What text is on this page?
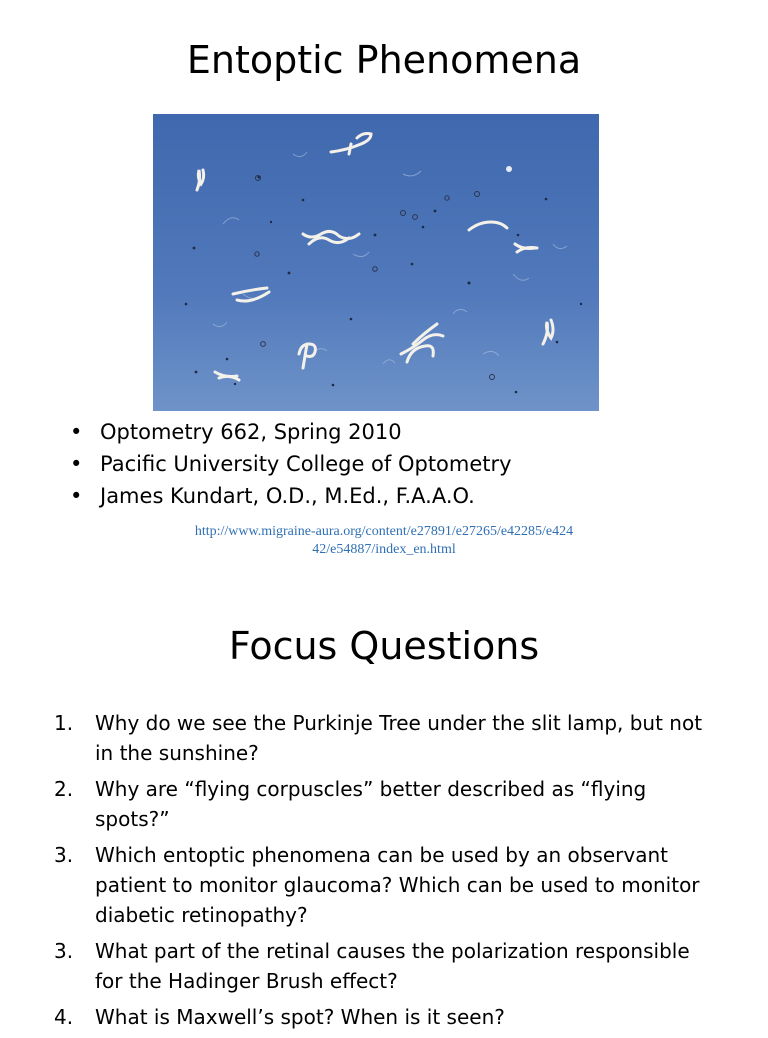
Entoptic Phenomena
• Optometry 662, Spring 2010
• Pacific University College of Optometry
• James Kundart, O.D., M.Ed., F.A.A.O.
http://www.migraine-aura.org/content/e27891/e27265/e42285/e42442/e54887/index_en.html
Focus Questions
1. Why do we see the Purkinje Tree under the slit lamp, but not in the sunshine?
2. Why are “flying corpuscles” better described as “flying spots?”
3. Which entoptic phenomena can be used by an observant patient to monitor glaucoma? Which can be used to monitor diabetic retinopathy?
3. What part of the retinal causes the polarization responsible for the Hadinger Brush effect?
4. What is Maxwell’s spot? When is it seen?
